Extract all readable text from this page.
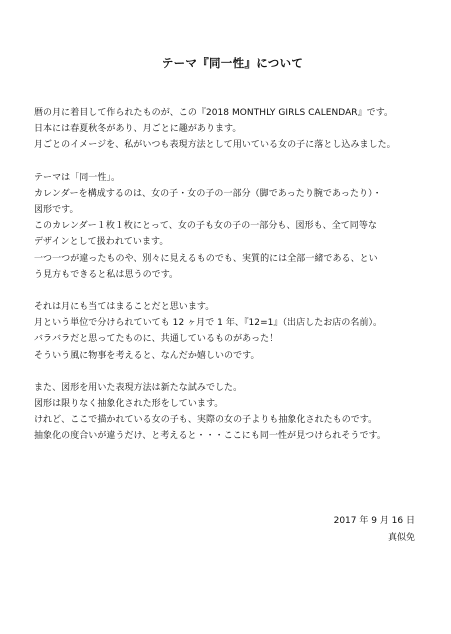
テーマ『同一性』について
暦の月に着目して作られたものが、この『2018 MONTHLY GIRLS CALENDAR』です。
日本には春夏秋冬があり、月ごとに趣があります。
月ごとのイメージを、私がいつも表現方法として用いている女の子に落とし込みました。
テーマは「同一性」。
カレンダーを構成するのは、女の子・女の子の一部分（脚であったり腕であったり）・
図形です。
このカレンダー１枚１枚にとって、女の子も女の子の一部分も、図形も、全て同等な
デザインとして扱われています。
一つ一つが違ったものや、別々に見えるものでも、実質的には全部一緒である、とい
う見方もできると私は思うのです。
それは月にも当てはまることだと思います。
月という単位で分けられていても 12 ヶ月で 1 年、『12=1』（出店したお店の名前）。
バラバラだと思ってたものに、共通しているものがあった！
そういう風に物事を考えると、なんだか嬉しいのです。
また、図形を用いた表現方法は新たな試みでした。
図形は限りなく抽象化された形をしています。
けれど、ここで描かれている女の子も、実際の女の子よりも抽象化されたものです。
抽象化の度合いが違うだけ、と考えると・・・ここにも同一性が見つけられそうです。
2017 年 9 月 16 日
真似免
